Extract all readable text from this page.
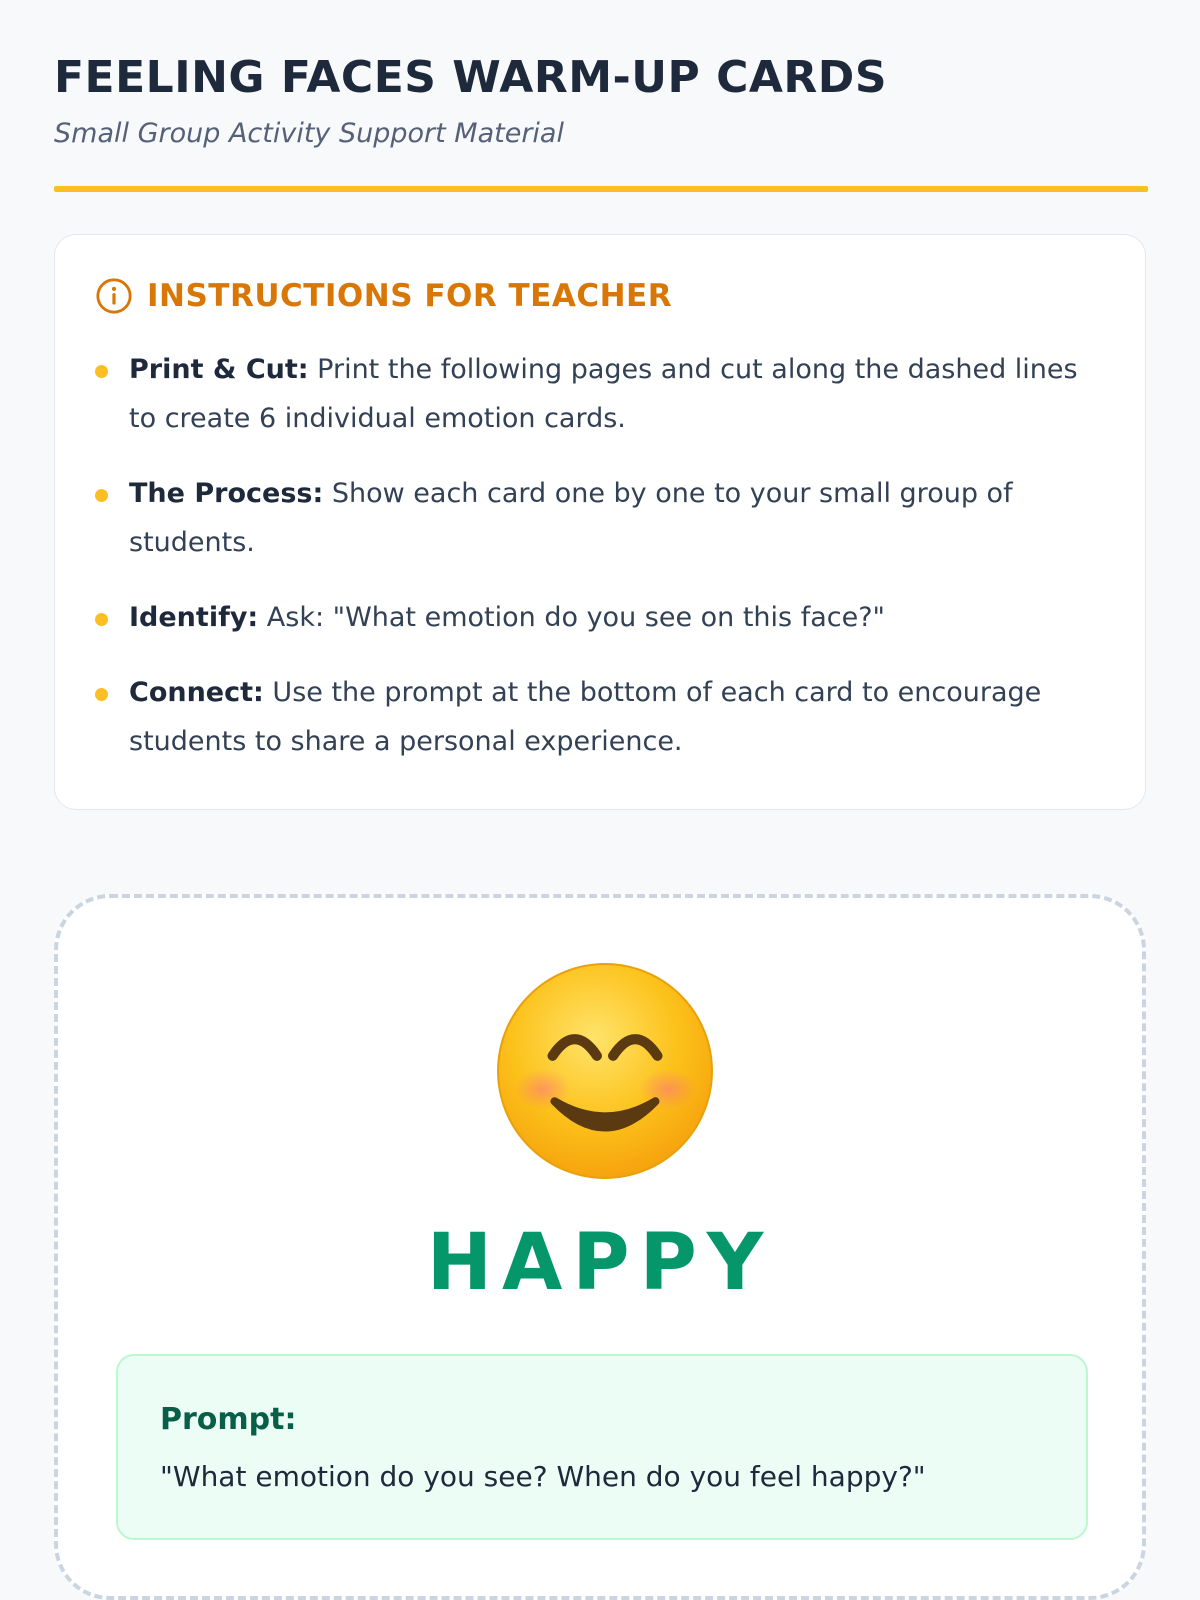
FEELING FACES WARM-UP CARDS
Small Group Activity Support Material
INSTRUCTIONS FOR TEACHER
Print & Cut: Print the following pages and cut along the dashed lines to create 6 individual emotion cards.
The Process: Show each card one by one to your small group of students.
Identify: Ask: "What emotion do you see on this face?"
Connect: Use the prompt at the bottom of each card to encourage students to share a personal experience.
HAPPY
Prompt:
"What emotion do you see? When do you feel happy?"
